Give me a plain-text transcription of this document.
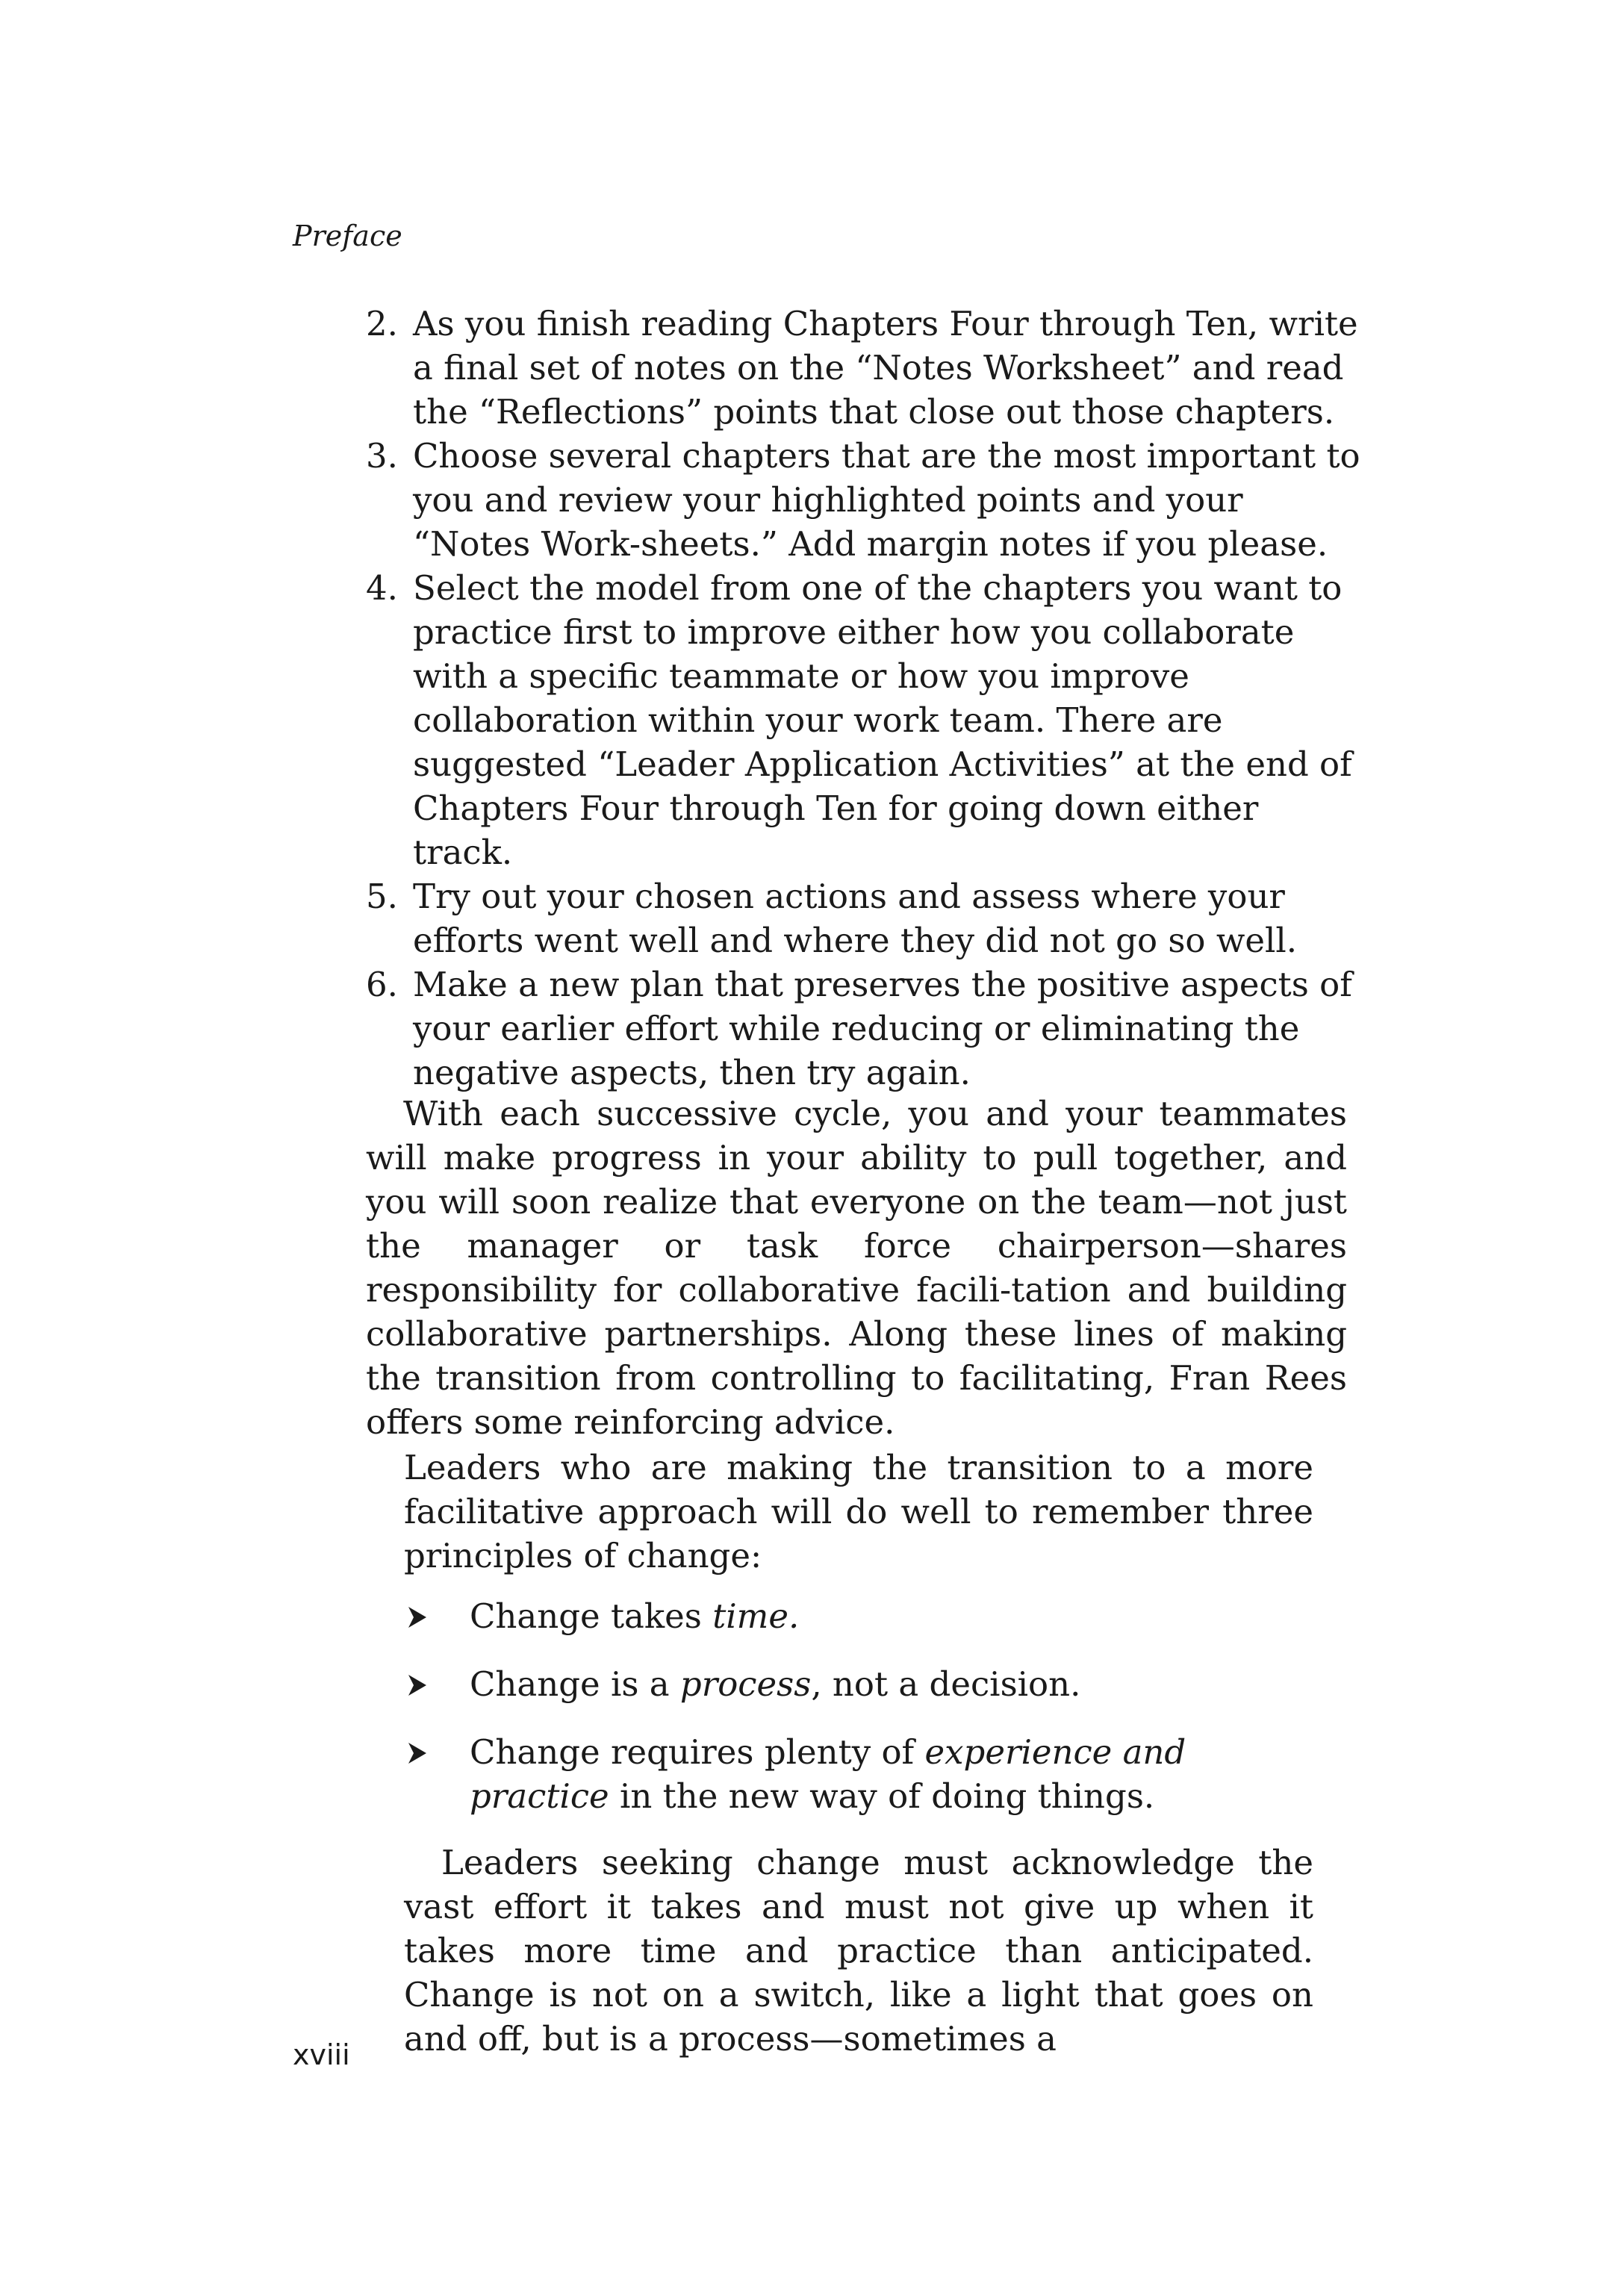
Preface
2. As you finish reading Chapters Four through Ten, write a final set of notes on the “Notes Worksheet” and read the “Reflections” points that close out those chapters.
3. Choose several chapters that are the most important to you and review your highlighted points and your “Notes Work-sheets.” Add margin notes if you please.
4. Select the model from one of the chapters you want to practice first to improve either how you collaborate with a specific teammate or how you improve collaboration within your work team. There are suggested “Leader Application Activities” at the end of Chapters Four through Ten for going down either track.
5. Try out your chosen actions and assess where your efforts went well and where they did not go so well.
6. Make a new plan that preserves the positive aspects of your earlier effort while reducing or eliminating the negative aspects, then try again.

With each successive cycle, you and your teammates will make progress in your ability to pull together, and you will soon realize that everyone on the team—not just the manager or task force chairperson—shares responsibility for collaborative facili-tation and building collaborative partnerships. Along these lines of making the transition from controlling to facilitating, Fran Rees offers some reinforcing advice.

Leaders who are making the transition to a more facilitative approach will do well to remember three principles of change:

Change takes time.
Change is a process, not a decision.
Change requires plenty of experience and practice in the new way of doing things.

Leaders seeking change must acknowledge the vast effort it takes and must not give up when it takes more time and practice than anticipated. Change is not on a switch, like a light that goes on and off, but is a process—sometimes a

xviii
